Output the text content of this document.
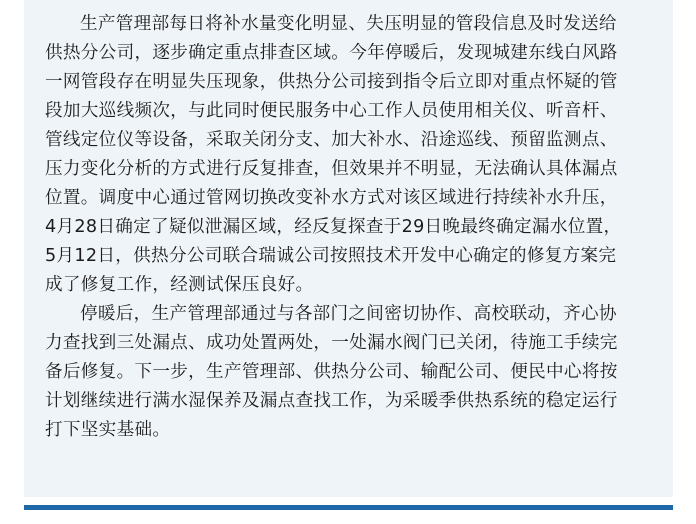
生产管理部每日将补水量变化明显、失压明显的管段信息及时发送给
供热分公司，逐步确定重点排查区域。今年停暖后，发现城建东线白风路
一网管段存在明显失压现象，供热分公司接到指令后立即对重点怀疑的管
段加大巡线频次，与此同时便民服务中心工作人员使用相关仪、听音杆、
管线定位仪等设备，采取关闭分支、加大补水、沿途巡线、预留监测点、
压力变化分析的方式进行反复排查，但效果并不明显，无法确认具体漏点
位置。调度中心通过管网切换改变补水方式对该区域进行持续补水升压，
4月28日确定了疑似泄漏区域，经反复探查于29日晚最终确定漏水位置，
5月12日，供热分公司联合瑞诚公司按照技术开发中心确定的修复方案完
成了修复工作，经测试保压良好。

停暖后，生产管理部通过与各部门之间密切协作、高校联动，齐心协
力查找到三处漏点、成功处置两处，一处漏水阀门已关闭，待施工手续完
备后修复。下一步，生产管理部、供热分公司、输配公司、便民中心将按
计划继续进行满水湿保养及漏点查找工作，为采暖季供热系统的稳定运行
打下坚实基础。
